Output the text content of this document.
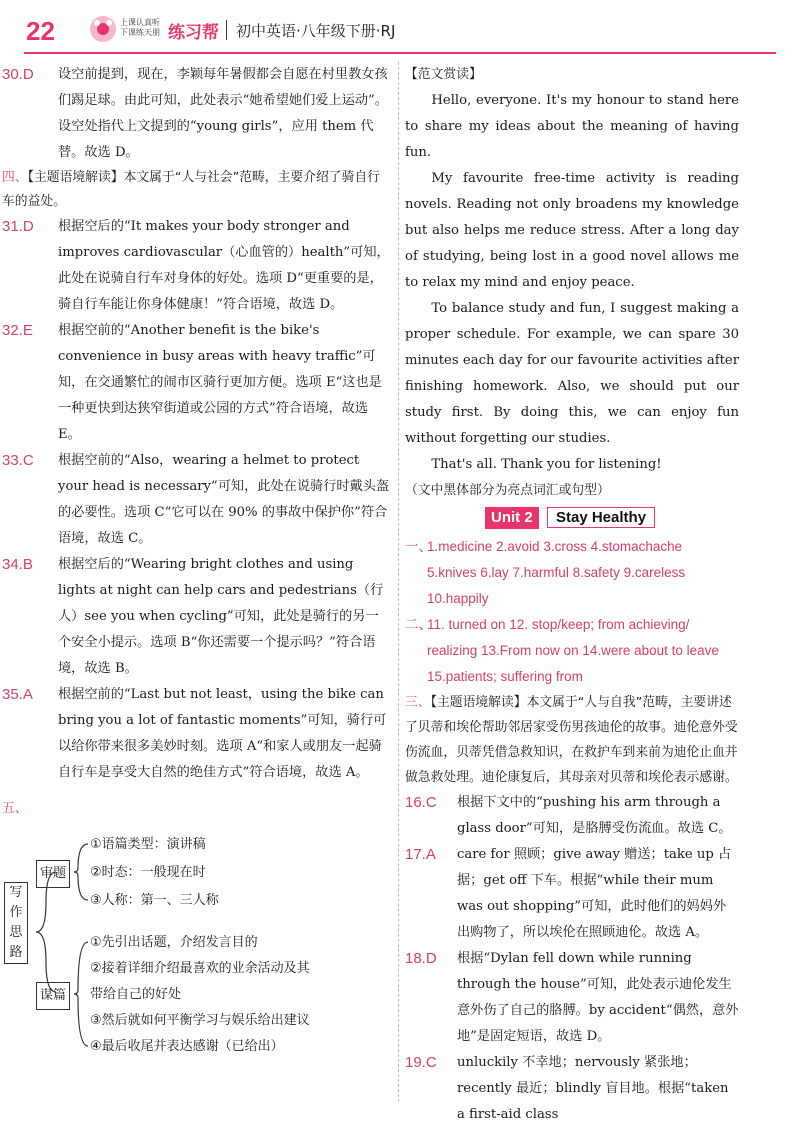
22	上课认真听 下课练天朋 练习帮 初中英语·八年级下册·RJ
30.D 设空前提到，现在，李颖每年暑假都会自愿在村里教女孩们踢足球。由此可知，此处表示“她希望她们爱上运动”。设空处指代上文提到的“young girls”，应用 them 代替。故选 D。
四、【主题语境解读】本文属于“人与社会”范畴，主要介绍了骑自行车的益处。
31.D 根据空后的“It makes your body stronger and improves cardiovascular（心血管的）health”可知，此处在说骑自行车对身体的好处。选项 D“更重要的是，骑自行车能让你身体健康！”符合语境，故选 D。
32.E 根据空前的“Another benefit is the bike's convenience in busy areas with heavy traffic”可知，在交通繁忙的闹市区骑行更加方便。选项 E“这也是一种更快到达狭窄街道或公园的方式”符合语境，故选 E。
33.C 根据空前的“Also，wearing a helmet to protect your head is necessary”可知，此处在说骑行时戴头盔的必要性。选项 C“它可以在 90% 的事故中保护你”符合语境，故选 C。
34.B 根据空后的“Wearing bright clothes and using lights at night can help cars and pedestrians（行人）see you when cycling”可知，此处是骑行的另一个安全小提示。选项 B“你还需要一个提示吗？”符合语境，故选 B。
35.A 根据空前的“Last but not least，using the bike can bring you a lot of fantastic moments”可知，骑行可以给你带来很多美妙时刻。选项 A“和家人或朋友一起骑自行车是享受大自然的绝佳方式”符合语境，故选 A。
五、
写作思路
审题
谋篇
①语篇类型：演讲稿
②时态：一般现在时
③人称：第一、三人称
①先引出话题，介绍发言目的
②接着详细介绍最喜欢的业余活动及其
带给自己的好处
③然后就如何平衡学习与娱乐给出建议
④最后收尾并表达感谢（已给出）
【范文赏读】
Hello, everyone. It's my honour to stand here to share my ideas about the meaning of having fun.
My favourite free-time activity is reading novels. Reading not only broadens my knowledge but also helps me reduce stress. After a long day of studying, being lost in a good novel allows me to relax my mind and enjoy peace.
To balance study and fun, I suggest making a proper schedule. For example, we can spare 30 minutes each day for our favourite activities after finishing homework. Also, we should put our study first. By doing this, we can enjoy fun without forgetting our studies.
That's all. Thank you for listening!
（文中黑体部分为亮点词汇或句型）
Unit 2	Stay Healthy
一、
1.medicine 2.avoid 3.cross 4.stomachache
5.knives 6.lay 7.harmful 8.safety 9.careless
10.happily
二、
11. turned on 12. stop/keep; from achieving/
realizing 13.From now on 14.were about to leave
15.patients; suffering from
三、【主题语境解读】本文属于“人与自我”范畴，主要讲述了贝蒂和埃伦帮助邻居家受伤男孩迪伦的故事。迪伦意外受伤流血，贝蒂凭借急救知识，在救护车到来前为迪伦止血并做急救处理。迪伦康复后，其母亲对贝蒂和埃伦表示感谢。
16.C 根据下文中的“pushing his arm through a glass door”可知，是胳膊受伤流血。故选 C。
17.A care for 照顾；give away 赠送；take up 占据；get off 下车。根据“while their mum was out shopping”可知，此时他们的妈妈外出购物了，所以埃伦在照顾迪伦。故选 A。
18.D 根据“Dylan fell down while running through the house”可知，此处表示迪伦发生意外伤了自己的胳膊。by accident“偶然，意外地”是固定短语，故选 D。
19.C unluckily 不幸地；nervously 紧张地；recently 最近；blindly 盲目地。根据“taken a first-aid class
